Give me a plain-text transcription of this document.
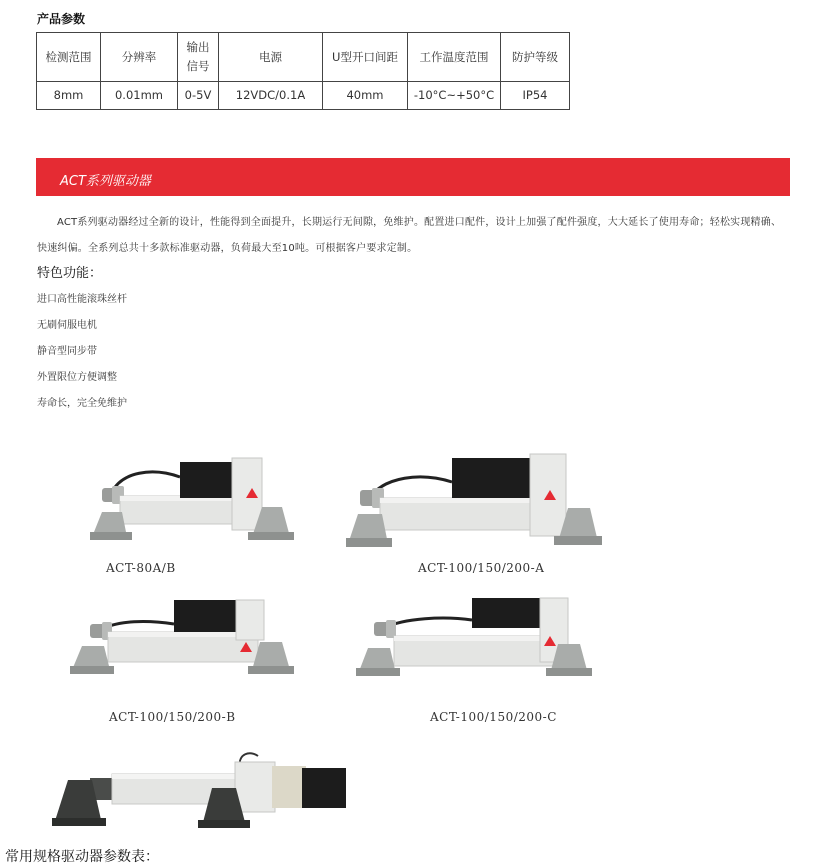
产品参数
检测范围	分辨率	输出信号	电源	U型开口间距	工作温度范围	防护等级
8mm	0.01mm	0-5V	12VDC/0.1A	40mm	-10°C~+50°C	IP54
ACT系列驱动器

ACT系列驱动器经过全新的设计，性能得到全面提升，长期运行无间隙，免维护。配置进口配件，设计上加强了配件强度，大大延长了使用寿命；轻松实现精确、快速纠偏。全系列总共十多款标准驱动器，负荷最大至10吨。可根据客户要求定制。

特色功能：
进口高性能滚珠丝杆
无刷伺服电机
静音型同步带
外置限位方便调整
寿命长，完全免维护
ACT-80A/B	ACT-100/150/200-A
ACT-100/150/200-B	ACT-100/150/200-C
常用规格驱动器参数表：
